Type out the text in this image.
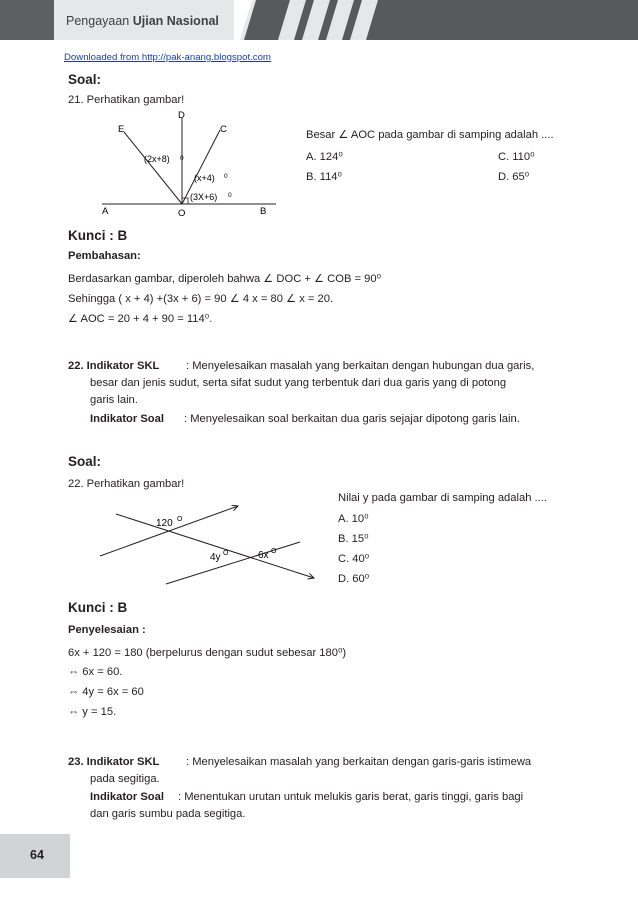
Pengayaan Ujian Nasional
Downloaded from http://pak-anang.blogspot.com
Soal:
21. Perhatikan gambar!
D
E	C
A	O	B
(2x+8) 0
(x+4) 0
(3X+6) 0
Besar ∠ AOC pada gambar di samping adalah ....
A. 124⁰	C. 110⁰
B. 114⁰	D. 65⁰
Kunci : B
Pembahasan:
Berdasarkan gambar, diperoleh bahwa ∠ DOC + ∠ COB = 90⁰
Sehingga ( x + 4) +(3x + 6) = 90 ∠ 4 x = 80 ∠ x = 20.
∠ AOC = 20 + 4 + 90 = 114⁰.
22. Indikator SKL : Menyelesaikan masalah yang berkaitan dengan hubungan dua garis,
besar dan jenis sudut, serta sifat sudut yang terbentuk dari dua garis yang di potong
garis lain.
Indikator Soal : Menyelesaikan soal berkaitan dua garis sejajar dipotong garis lain.
Soal:
22. Perhatikan gambar!
120 O
4y O	6x O
Nilai y pada gambar di samping adalah ....
A. 10⁰
B. 15⁰
C. 40⁰
D. 60⁰
Kunci : B
Penyelesaian :
6x + 120 = 180 (berpelurus dengan sudut sebesar 180⁰)
⇔ 6x = 60.
⇔ 4y = 6x = 60
⇔ y = 15.
23. Indikator SKL : Menyelesaikan masalah yang berkaitan dengan garis-garis istimewa
pada segitiga.
Indikator Soal : Menentukan urutan untuk melukis garis berat, garis tinggi, garis bagi
dan garis sumbu pada segitiga.
64
